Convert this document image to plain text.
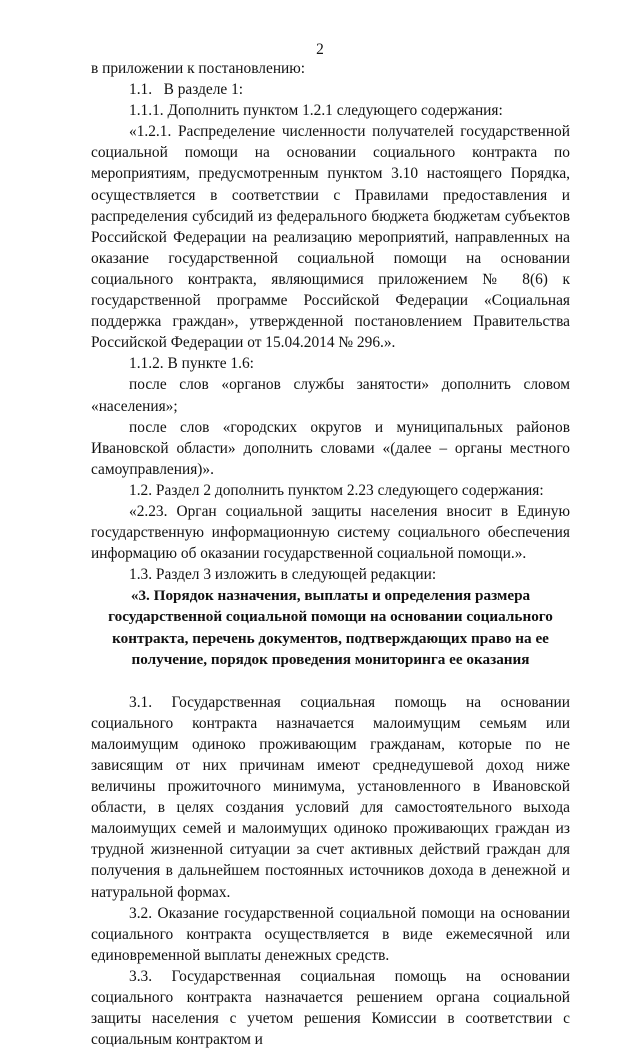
2

в приложении к постановлению:

1.1.   В разделе 1:

1.1.1. Дополнить пунктом 1.2.1 следующего содержания:

«1.2.1. Распределение численности получателей государственной социальной помощи на основании социального контракта по мероприятиям, предусмотренным пунктом 3.10 настоящего Порядка, осуществляется в соответствии с Правилами предоставления и распределения субсидий из федерального бюджета бюджетам субъектов Российской Федерации на реализацию мероприятий, направленных на оказание государственной социальной помощи на основании социального контракта, являющимися приложением № 8(6) к государственной программе Российской Федерации «Социальная поддержка граждан», утвержденной постановлением Правительства Российской Федерации от 15.04.2014 № 296.».

1.1.2. В пункте 1.6:

после слов «органов службы занятости» дополнить словом «населения»;

после слов «городских округов и муниципальных районов Ивановской области» дополнить словами «(далее – органы местного самоуправления)».

1.2. Раздел 2 дополнить пунктом 2.23 следующего содержания:

«2.23. Орган социальной защиты населения вносит в Единую государственную информационную систему социального обеспечения информацию об оказании государственной социальной помощи.».

1.3. Раздел 3 изложить в следующей редакции:

«3. Порядок назначения, выплаты и определения размера государственной социальной помощи на основании социального контракта, перечень документов, подтверждающих право на ее получение, порядок проведения мониторинга ее оказания

3.1. Государственная социальная помощь на основании социального контракта назначается малоимущим семьям или малоимущим одиноко проживающим гражданам, которые по не зависящим от них причинам имеют среднедушевой доход ниже величины прожиточного минимума, установленного в Ивановской области, в целях создания условий для самостоятельного выхода малоимущих семей и малоимущих одиноко проживающих граждан из трудной жизненной ситуации за счет активных действий граждан для получения в дальнейшем постоянных источников дохода в денежной и натуральной формах.

3.2. Оказание государственной социальной помощи на основании социального контракта осуществляется в виде ежемесячной или единовременной выплаты денежных средств.

3.3. Государственная социальная помощь на основании социального контракта назначается решением органа социальной защиты населения с учетом решения Комиссии в соответствии с социальным контрактом и
